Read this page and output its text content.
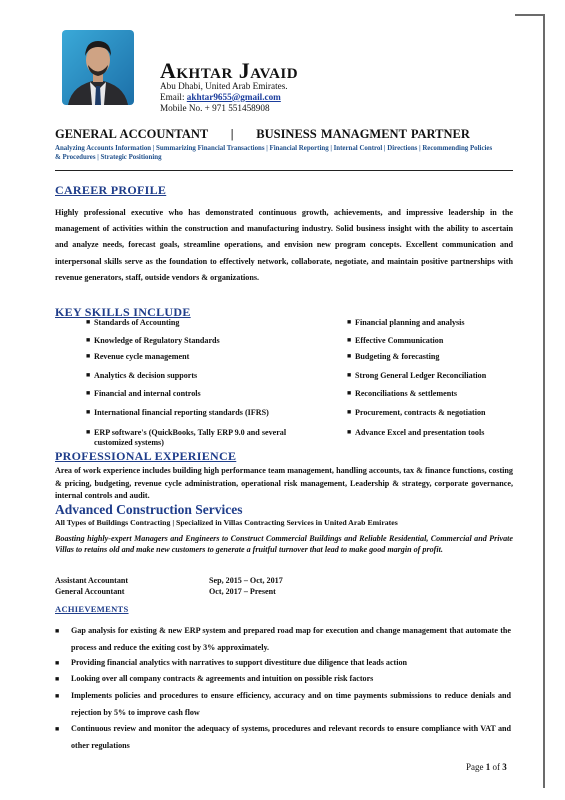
Akhtar Javaid
Abu Dhabi, United Arab Emirates.
Email: akhtar9655@gmail.com
Mobile No. + 971 551458908
GENERAL ACCOUNTANT | BUSINESS MANAGMENT PARTNER
Analyzing Accounts Information | Summarizing Financial Transactions | Financial Reporting | Internal Control | Directions | Recommending Policies & Procedures | Strategic Positioning
CAREER PROFILE
Highly professional executive who has demonstrated continuous growth, achievements, and impressive leadership in the management of activities within the construction and manufacturing industry. Solid business insight with the ability to ascertain and analyze needs, forecast goals, streamline operations, and envision new program concepts. Excellent communication and interpersonal skills serve as the foundation to effectively network, collaborate, negotiate, and maintain positive partnerships with revenue generators, staff, outside vendors & organizations.
KEY SKILLS INCLUDE
■ Standards of Accounting
■ Knowledge of Regulatory Standards
■ Revenue cycle management
■ Analytics & decision supports
■ Financial and internal controls
■ International financial reporting standards (IFRS)
■ ERP software's (QuickBooks, Tally ERP 9.0 and several customized systems)
■ Financial planning and analysis
■ Effective Communication
■ Budgeting & forecasting
■ Strong General Ledger Reconciliation
■ Reconciliations & settlements
■ Procurement, contracts & negotiation
■ Advance Excel and presentation tools
PROFESSIONAL EXPERIENCE
Area of work experience includes building high performance team management, handling accounts, tax & finance functions, costing & pricing, budgeting, revenue cycle administration, operational risk management, Leadership & strategy, corporate governance, internal controls and audit.
Advanced Construction Services
All Types of Buildings Contracting | Specialized in Villas Contracting Services in United Arab Emirates
Boasting highly-expert Managers and Engineers to Construct Commercial Buildings and Reliable Residential, Commercial and Private Villas to retains old and make new customers to generate a fruitful turnover that lead to make good margin of profit.
Assistant Accountant	Sep, 2015 – Oct, 2017
General Accountant	Oct, 2017 – Present
ACHIEVEMENTS
■ Gap analysis for existing & new ERP system and prepared road map for execution and change management that automate the process and reduce the exiting cost by 3% approximately.
■ Providing financial analytics with narratives to support divestiture due diligence that leads action
■ Looking over all company contracts & agreements and intuition on possible risk factors
■ Implements policies and procedures to ensure efficiency, accuracy and on time payments submissions to reduce denials and rejection by 5% to improve cash flow
■ Continuous review and monitor the adequacy of systems, procedures and relevant records to ensure compliance with VAT and other regulations
Page 1 of 3
